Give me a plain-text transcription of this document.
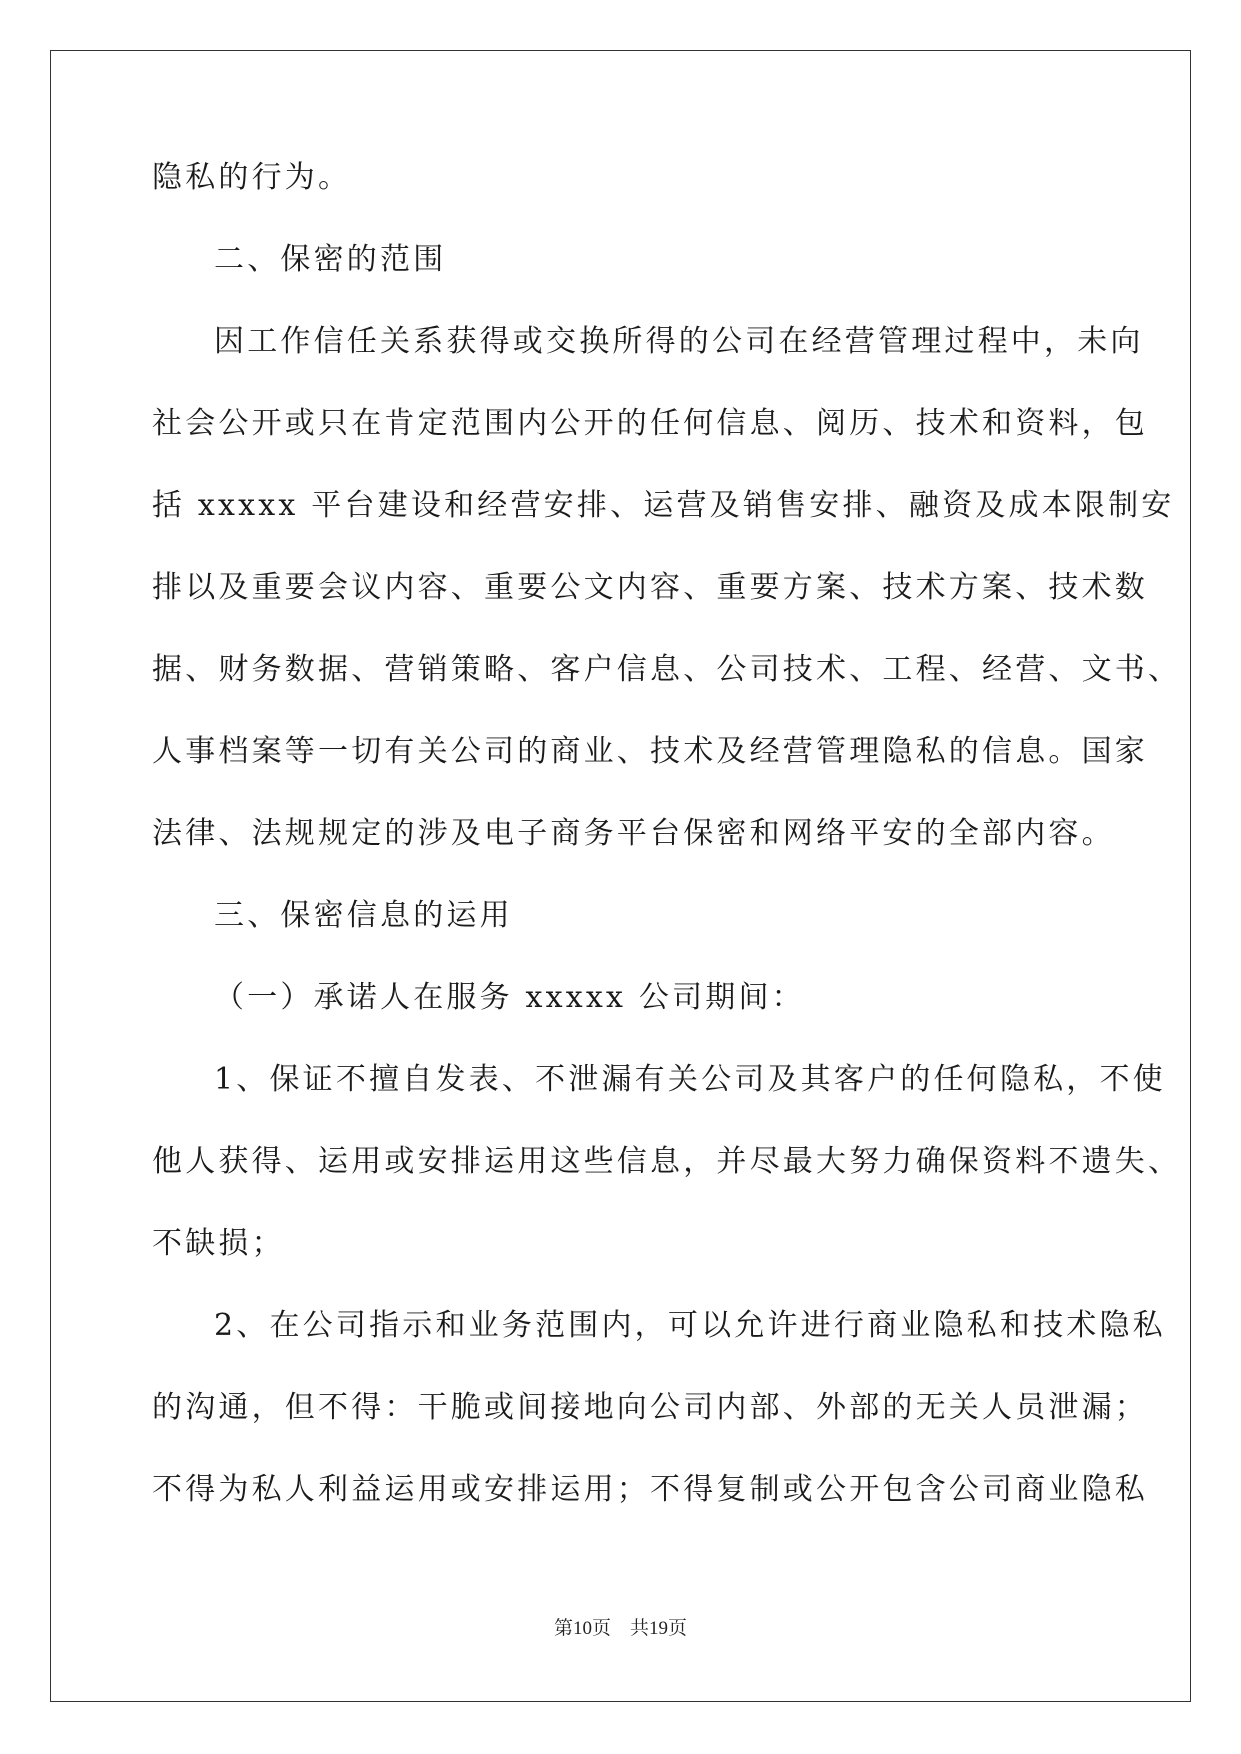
隐私的行为。
二、保密的范围
因工作信任关系获得或交换所得的公司在经营管理过程中，未向
社会公开或只在肯定范围内公开的任何信息、阅历、技术和资料，包
括 xxxxx 平台建设和经营安排、运营及销售安排、融资及成本限制安
排以及重要会议内容、重要公文内容、重要方案、技术方案、技术数
据、财务数据、营销策略、客户信息、公司技术、工程、经营、文书、
人事档案等一切有关公司的商业、技术及经营管理隐私的信息。国家
法律、法规规定的涉及电子商务平台保密和网络平安的全部内容。
三、保密信息的运用
（一）承诺人在服务 xxxxx 公司期间：
1、保证不擅自发表、不泄漏有关公司及其客户的任何隐私，不使
他人获得、运用或安排运用这些信息，并尽最大努力确保资料不遗失、
不缺损；
2、在公司指示和业务范围内，可以允许进行商业隐私和技术隐私
的沟通，但不得：干脆或间接地向公司内部、外部的无关人员泄漏；
不得为私人利益运用或安排运用；不得复制或公开包含公司商业隐私
第10页　共19页
